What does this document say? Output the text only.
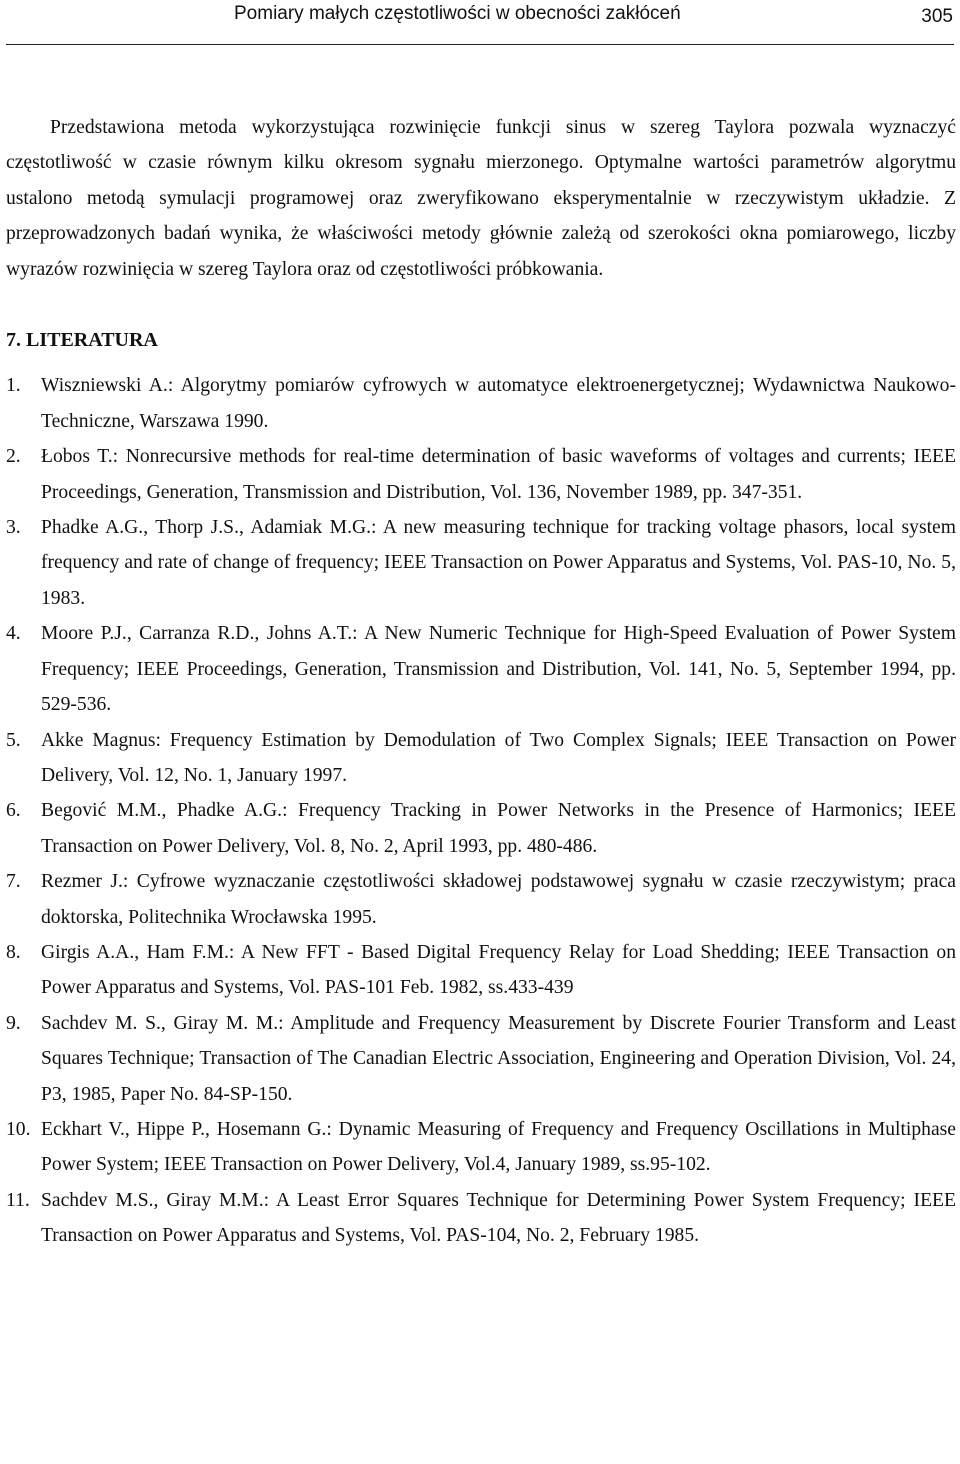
Pomiary małych częstotliwości w obecności zakłóceń	305

Przedstawiona metoda wykorzystująca rozwinięcie funkcji sinus w szereg Taylora pozwala wyznaczyć częstotliwość w czasie równym kilku okresom sygnału mierzonego. Optymalne wartości parametrów algorytmu ustalono metodą symulacji programowej oraz zweryfikowano eksperymentalnie w rzeczywistym układzie. Z przeprowadzonych badań wynika, że właściwości metody głównie zależą od szerokości okna pomiarowego, liczby wyrazów rozwinięcia w szereg Taylora oraz od częstotliwości próbkowania.

7. LITERATURA
1. Wiszniewski A.: Algorytmy pomiarów cyfrowych w automatyce elektroenergetycznej; Wydawnictwa Naukowo-Techniczne, Warszawa 1990.
2. Łobos T.: Nonrecursive methods for real-time determination of basic waveforms of voltages and currents; IEEE Proceedings, Generation, Transmission and Distribution, Vol. 136, November 1989, pp. 347-351.
3. Phadke A.G., Thorp J.S., Adamiak M.G.: A new measuring technique for tracking voltage phasors, local system frequency and rate of change of frequency; IEEE Transaction on Power Apparatus and Systems, Vol. PAS-10, No. 5, 1983.
4. Moore P.J., Carranza R.D., Johns A.T.: A New Numeric Technique for High-Speed Evaluation of Power System Frequency; IEEE Proceedings, Generation, Transmission and Distribution, Vol. 141, No. 5, September 1994, pp. 529-536.
5. Akke Magnus: Frequency Estimation by Demodulation of Two Complex Signals; IEEE Transaction on Power Delivery, Vol. 12, No. 1, January 1997.
6. Begović M.M., Phadke A.G.: Frequency Tracking in Power Networks in the Presence of Harmonics; IEEE Transaction on Power Delivery, Vol. 8, No. 2, April 1993, pp. 480-486.
7. Rezmer J.: Cyfrowe wyznaczanie częstotliwości składowej podstawowej sygnału w czasie rzeczywistym; praca doktorska, Politechnika Wrocławska 1995.
8. Girgis A.A., Ham F.M.: A New FFT - Based Digital Frequency Relay for Load Shedding; IEEE Transaction on Power Apparatus and Systems, Vol. PAS-101 Feb. 1982, ss.433-439
9. Sachdev M. S., Giray M. M.: Amplitude and Frequency Measurement by Discrete Fourier Transform and Least Squares Technique; Transaction of The Canadian Electric Association, Engineering and Operation Division, Vol. 24, P3, 1985, Paper No. 84-SP-150.
10. Eckhart V., Hippe P., Hosemann G.: Dynamic Measuring of Frequency and Frequency Oscillations in Multiphase Power System; IEEE Transaction on Power Delivery, Vol.4, January 1989, ss.95-102.
11. Sachdev M.S., Giray M.M.: A Least Error Squares Technique for Determining Power System Frequency; IEEE Transaction on Power Apparatus and Systems, Vol. PAS-104, No. 2, February 1985.
